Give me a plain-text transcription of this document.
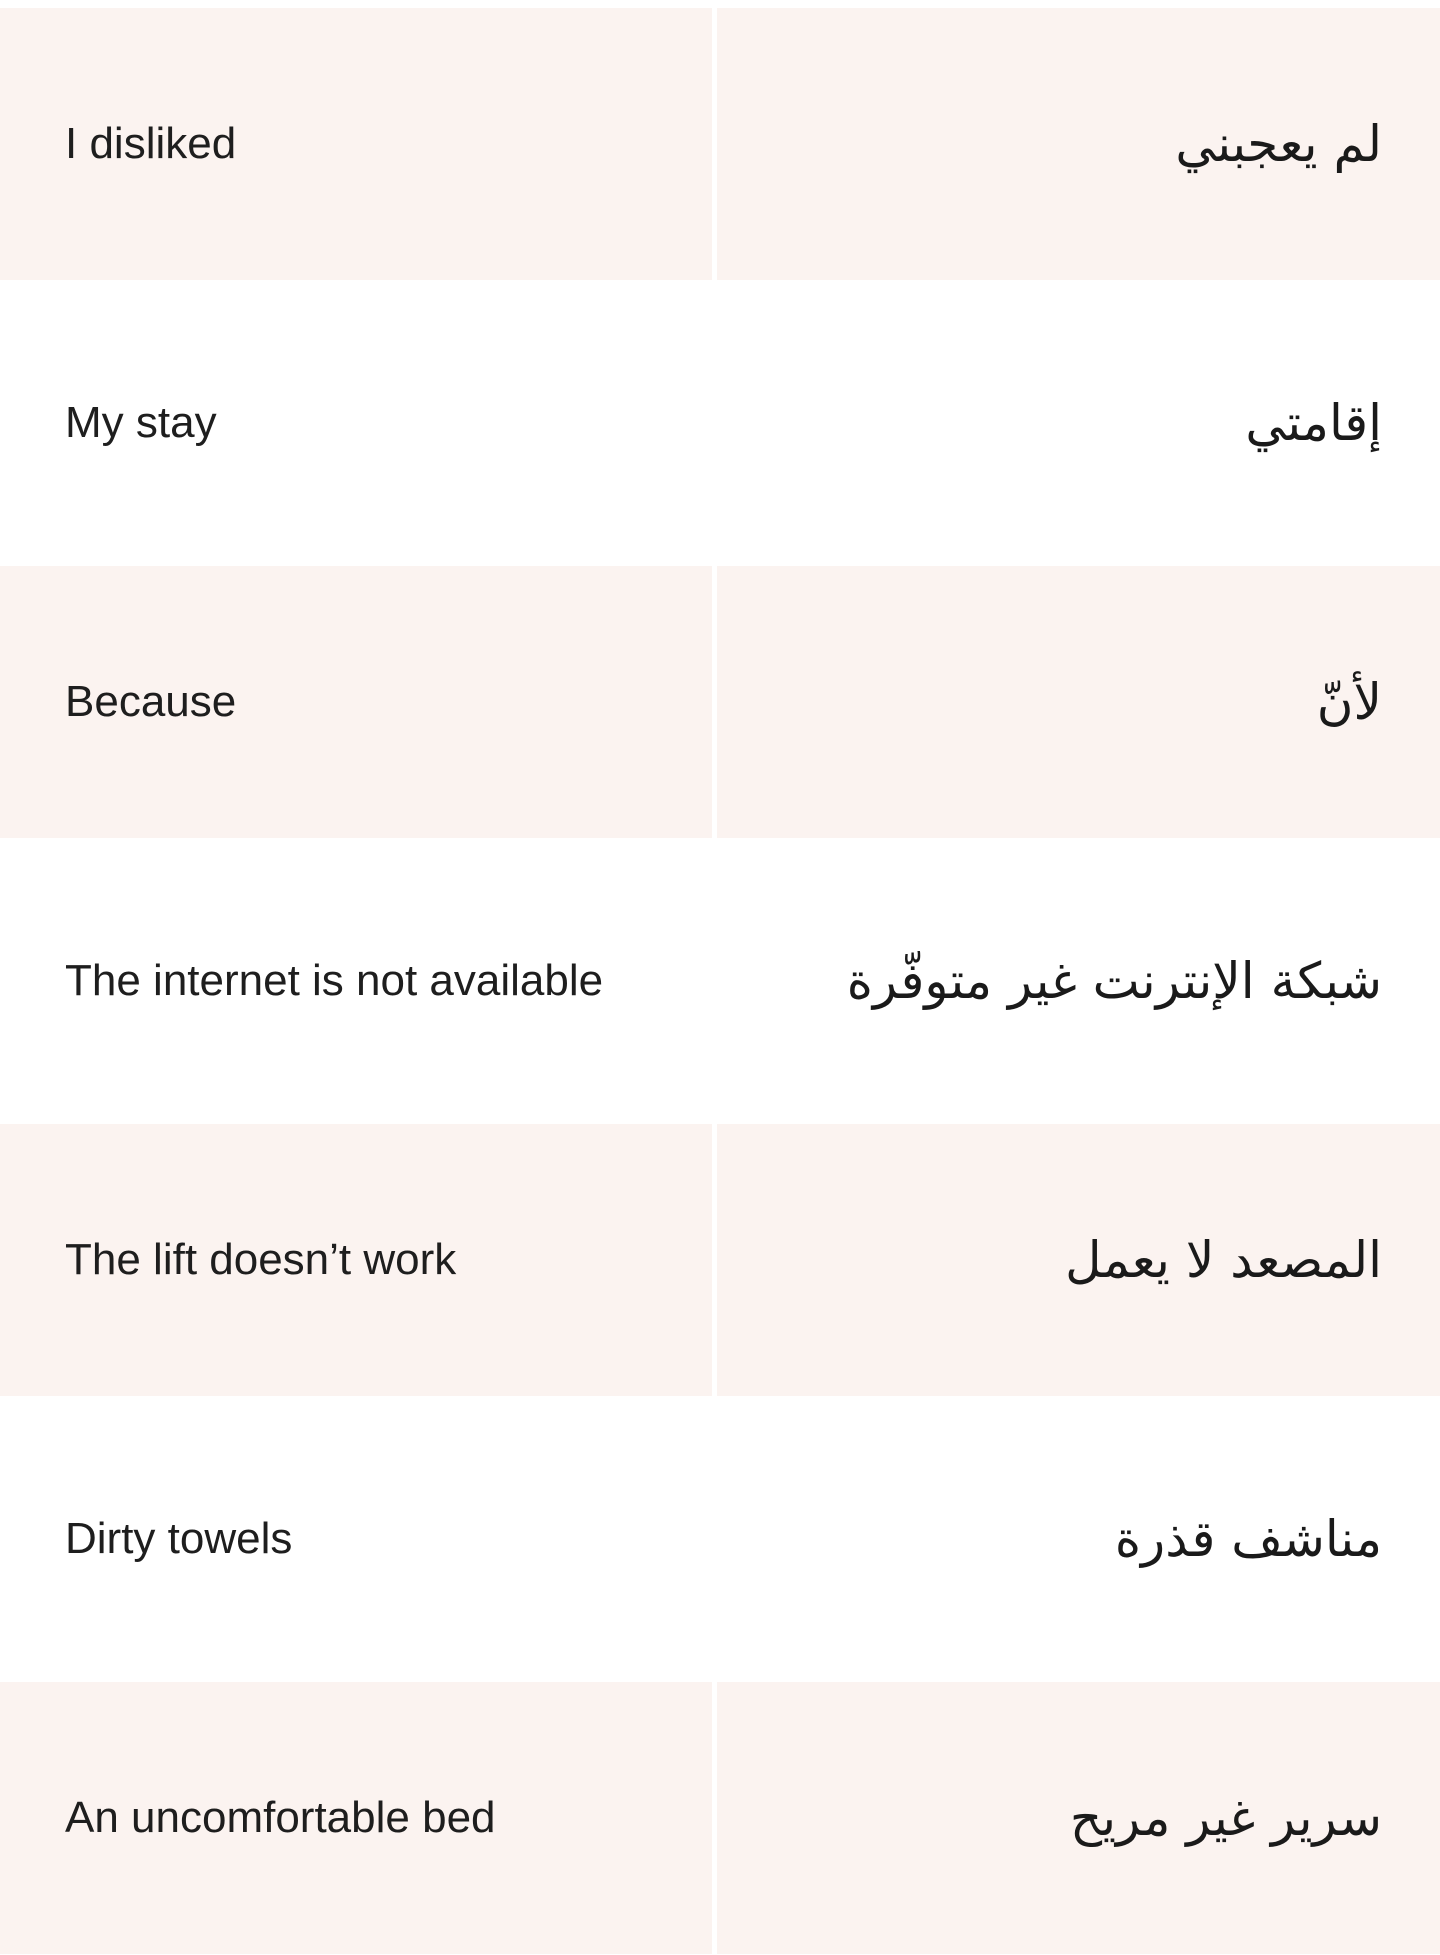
I disliked	لم يعجبني
My stay	إقامتي
Because	لأنّ
The internet is not available	شبكة الإنترنت غير متوفّرة
The lift doesn’t work	المصعد لا يعمل
Dirty towels	مناشف قذرة
An uncomfortable bed	سرير غير مريح
